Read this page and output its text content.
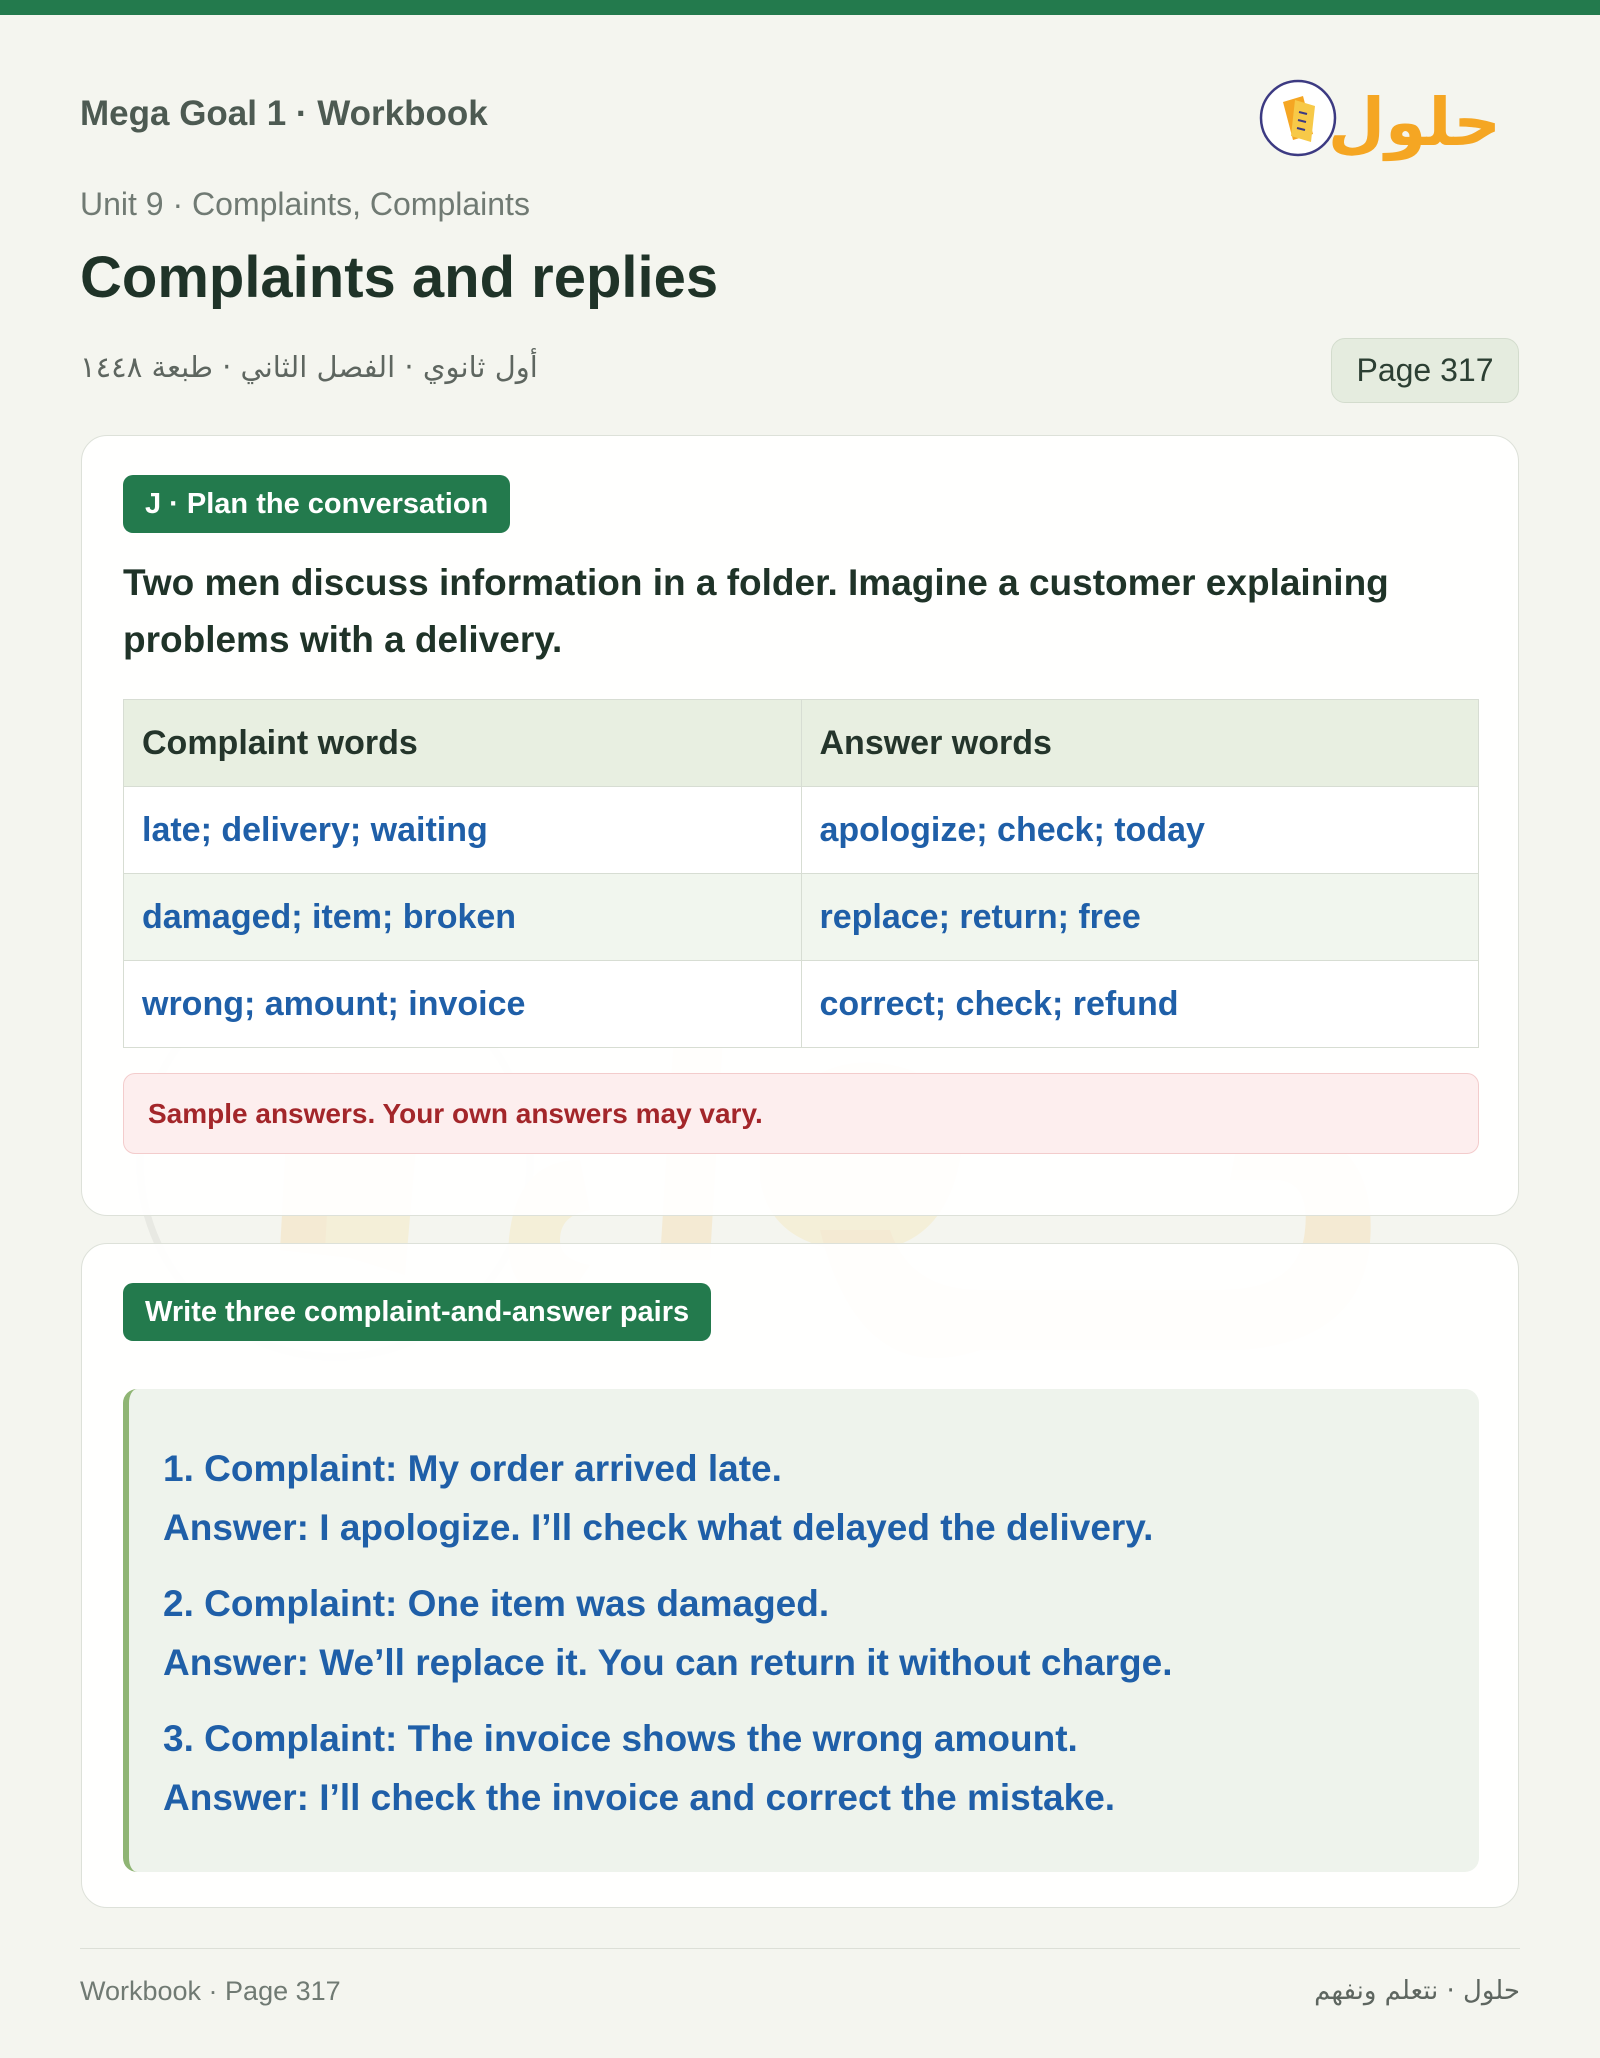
Mega Goal 1 · Workbook	حلول
Unit 9 · Complaints, Complaints
Complaints and replies
أول ثانوي · الفصل الثاني · طبعة ١٤٤٨	Page 317
J · Plan the conversation
Two men discuss information in a folder. Imagine a customer explaining problems with a delivery.
Complaint words	Answer words
late; delivery; waiting	apologize; check; today
damaged; item; broken	replace; return; free
wrong; amount; invoice	correct; check; refund
Sample answers. Your own answers may vary.
Write three complaint-and-answer pairs
1. Complaint: My order arrived late.
Answer: I apologize. I’ll check what delayed the delivery.
2. Complaint: One item was damaged.
Answer: We’ll replace it. You can return it without charge.
3. Complaint: The invoice shows the wrong amount.
Answer: I’ll check the invoice and correct the mistake.
Workbook · Page 317	حلول · نتعلم ونفهم
